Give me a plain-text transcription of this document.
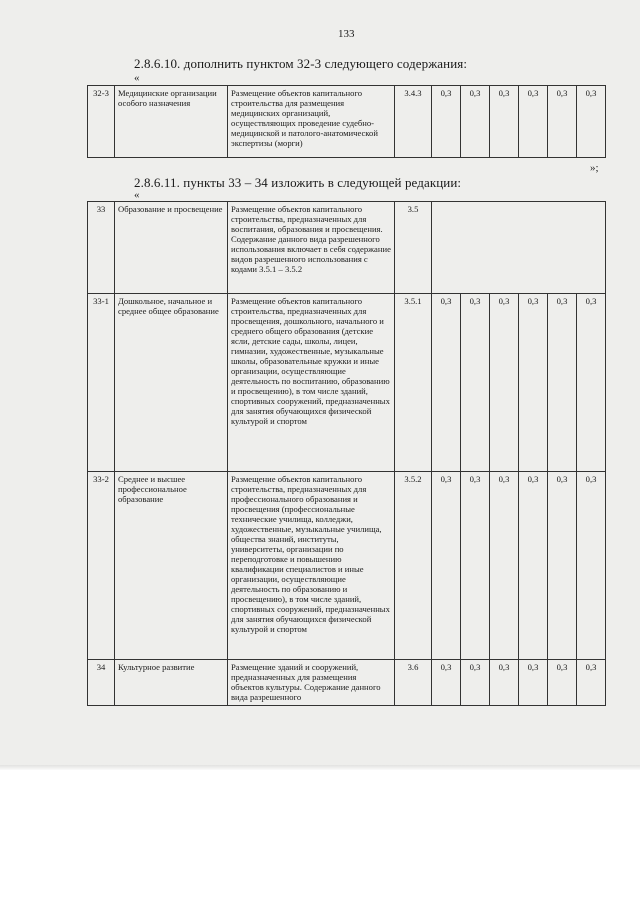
133
2.8.6.10. дополнить пунктом 32-3 следующего содержания:
«
32-3	Медицинские организации особого назначения	Размещение объектов капитального строительства для размещения медицинских организаций, осуществляющих проведение судебно-медицинской и патолого-анатомической экспертизы (морги)	3.4.3	0,3	0,3	0,3	0,3	0,3	0,3
»;
2.8.6.11. пункты 33 – 34 изложить в следующей редакции:
«
33	Образование и просвещение	Размещение объектов капитального строительства, предназначенных для воспитания, образования и просвещения. Содержание данного вида разрешенного использования включает в себя содержание видов разрешенного использования с кодами 3.5.1 – 3.5.2	3.5						
33-1	Дошкольное, начальное и среднее общее образование	Размещение объектов капитального строительства, предназначенных для просвещения, дошкольного, начального и среднего общего образования (детские ясли, детские сады, школы, лицеи, гимназии, художественные, музыкальные школы, образовательные кружки и иные организации, осуществляющие деятельность по воспитанию, образованию и просвещению), в том числе зданий, спортивных сооружений, предназначенных для занятия обучающихся физической культурой и спортом	3.5.1	0,3	0,3	0,3	0,3	0,3	0,3
33-2	Среднее и высшее профессиональное образование	Размещение объектов капитального строительства, предназначенных для профессионального образования и просвещения (профессиональные технические училища, колледжи, художественные, музыкальные училища, общества знаний, институты, университеты, организации по переподготовке и повышению квалификации специалистов и иные организации, осуществляющие деятельность по образованию и просвещению), в том числе зданий, спортивных сооружений, предназначенных для занятия обучающихся физической культурой и спортом	3.5.2	0,3	0,3	0,3	0,3	0,3	0,3
34	Культурное развитие	Размещение зданий и сооружений, предназначенных для размещения объектов культуры. Содержание данного вида разрешенного	3.6	0,3	0,3	0,3	0,3	0,3	0,3
